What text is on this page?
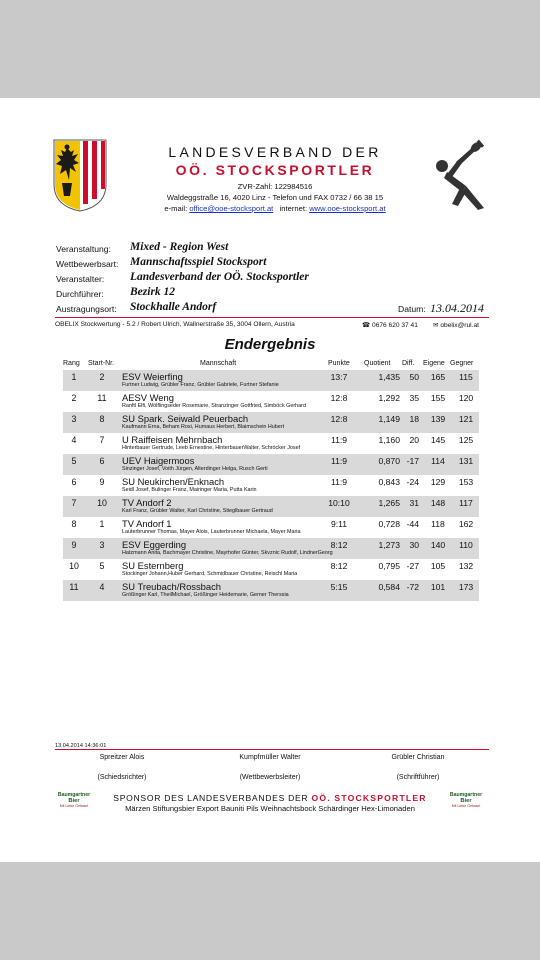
LANDESVERBAND DER
OÖ. STOCKSPORTLER
ZVR-Zahl: 122984516
Waldeggstraße 16, 4020 Linz - Telefon und FAX 0732 / 66 38 15
e-mail: office@ooe-stocksport.at internet: www.ooe-stocksport.at
Veranstaltung: Mixed - Region West
Wettbewerbsart: Mannschaftsspiel Stocksport
Veranstalter: Landesverband der OÖ. Stocksportler
Durchführer: Bezirk 12
Austragungsort: Stockhalle Andorf	Datum: 13.04.2014
OBELIX Stockwertung - 5.2 / Robert Ulrich, Wallnerstraße 35, 3004 Ollern, Austria	☎ 0676 620 37 41 ✉ obelix@rul.at
Endergebnis
Rang Start-Nr.	Mannschaft	Punkte Quotient Diff. Eigene Gegner
1	2	ESV Weierfing
Furtner Ludwig, Grübler Franz, Grübler Gabriele, Furtner Stefanie
13:7	1,435	50	165	115
2	11	AESV Weng
Ranftl Elfi, Wölflingseder Rosemarie, Stranzinger Gottfried, Simböck Gerhard
12:8	1,292	35	155	120
3	8	SU Spark. Seiwald Peuerbach
Kaufmann Erna, Beham Rosi, Humaus Herbert, Blaimschein Hubert
12:8	1,149	18	139	121
4	7	U Raiffeisen Mehrnbach
Hinterbauer Gertrude, Leeb Ernestine, HinterbauerWalter, Schröcker Josef
11:9	1,160	20	145	125
5	6	UEV Haigermoos
Sinzinger Josef, Voith Jürgen, Alterdinger Helga, Rusch Gerti
11:9	0,870 -17	114	131
6	9	SU Neukirchen/Enknach
Seidl Josef, Bulinger Franz, Mairinger Maria, Putta Karin
11:9	0,843 -24	129	153
7	10	TV Andorf 2
Karl Franz, Grübler Walter, Karl Christine, Stieglbauer Gertraud
10:10	1,265	31	148	117
8	1	TV Andorf 1
Lauterbrunner Thomas, Mayer Alois, Lauterbrunner Michaela, Mayer Maria
9:11	0,728 -44	118	162
9	3	ESV Eggerding
Hatzmann Anita, Bachmayer Christine, Mayrhofer Günter, Skvznic Rudolf, LindnerGeorg
8:12	1,273	30	140	110
10	5	SU Esternberg
Stockinger Johann,Huber Gerhard, Schmidbauer Christine, Reischl Maria
8:12	0,795 -27	105	132
11	4	SU Treubach/Rossbach
Größinger Karl, TheilMichael, Größinger Heidemarie, Gerner Therssia
5:15	0,584 -72	101	173
13.04.2014 14:36:01
Spreitzer Alois	Kumpfmüller Walter	Grübler Christian
(Schiedsrichter)	(Wettbewerbsleiter)	(Schriftführer)
Baumgartner
Bier
Mit Liebe Gebraut
SPONSOR DES LANDESVERBANDES DER OÖ. STOCKSPORTLER
Märzen Stiftungsbier Export Bauniti Pils Weihnachtsbock Schärdinger Hex-Limonaden
Baumgartner
Bier
Mit Liebe Gebraut
